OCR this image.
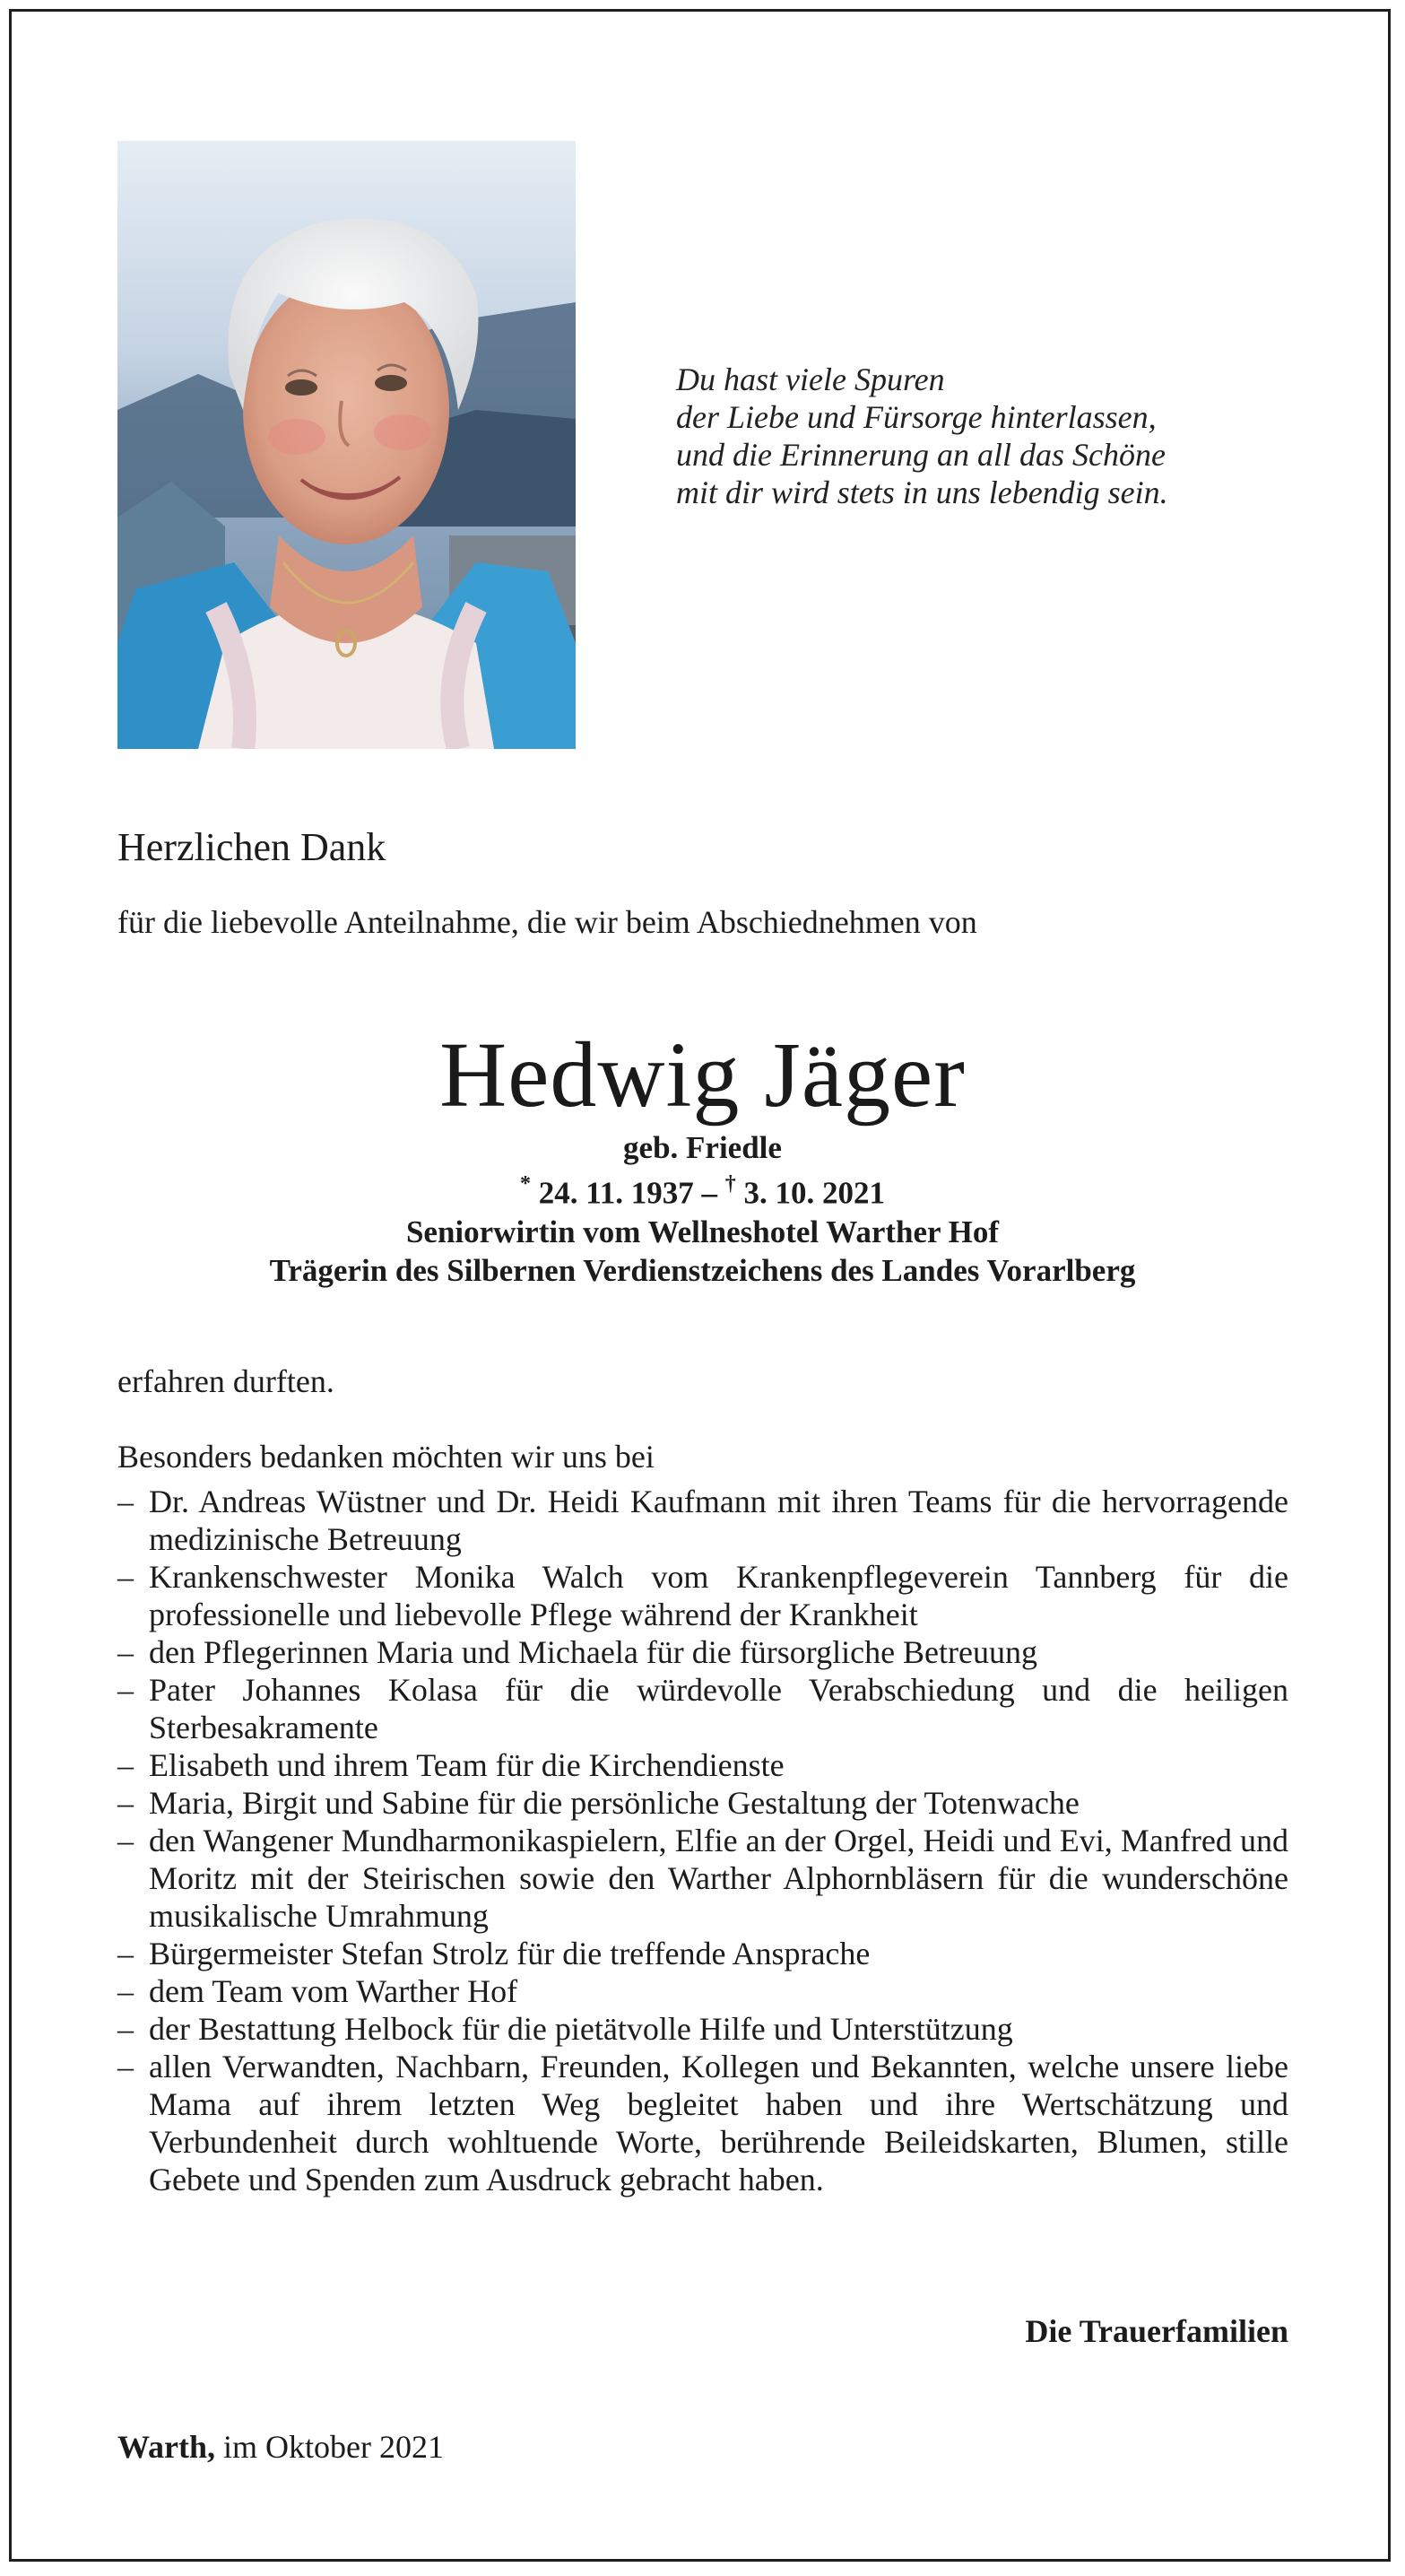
Du hast viele Spuren
der Liebe und Fürsorge hinterlassen,
und die Erinnerung an all das Schöne
mit dir wird stets in uns lebendig sein.
Herzlichen Dank
für die liebevolle Anteilnahme, die wir beim Abschiednehmen von
Hedwig Jäger
geb. Friedle
* 24. 11. 1937 – † 3. 10. 2021
Seniorwirtin vom Wellneshotel Warther Hof
Trägerin des Silbernen Verdienstzeichens des Landes Vorarlberg
erfahren durften.
Besonders bedanken möchten wir uns bei
– Dr. Andreas Wüstner und Dr. Heidi Kaufmann mit ihren Teams für die hervorragende medizinische Betreuung
– Krankenschwester Monika Walch vom Krankenpflegeverein Tannberg für die professionelle und liebevolle Pflege während der Krankheit
– den Pflegerinnen Maria und Michaela für die fürsorgliche Betreuung
– Pater Johannes Kolasa für die würdevolle Verabschiedung und die heiligen Sterbesakramente
– Elisabeth und ihrem Team für die Kirchendienste
– Maria, Birgit und Sabine für die persönliche Gestaltung der Totenwache
– den Wangener Mundharmonikaspielern, Elfie an der Orgel, Heidi und Evi, Manfred und Moritz mit der Steirischen sowie den Warther Alphornbläsern für die wunderschöne musikalische Umrahmung
– Bürgermeister Stefan Strolz für die treffende Ansprache
– dem Team vom Warther Hof
– der Bestattung Helbock für die pietätvolle Hilfe und Unterstützung
– allen Verwandten, Nachbarn, Freunden, Kollegen und Bekannten, welche unsere liebe Mama auf ihrem letzten Weg begleitet haben und ihre Wertschätzung und Verbundenheit durch wohltuende Worte, berührende Beileidskarten, Blumen, stille Gebete und Spenden zum Ausdruck gebracht haben.
Die Trauerfamilien
Warth, im Oktober 2021
